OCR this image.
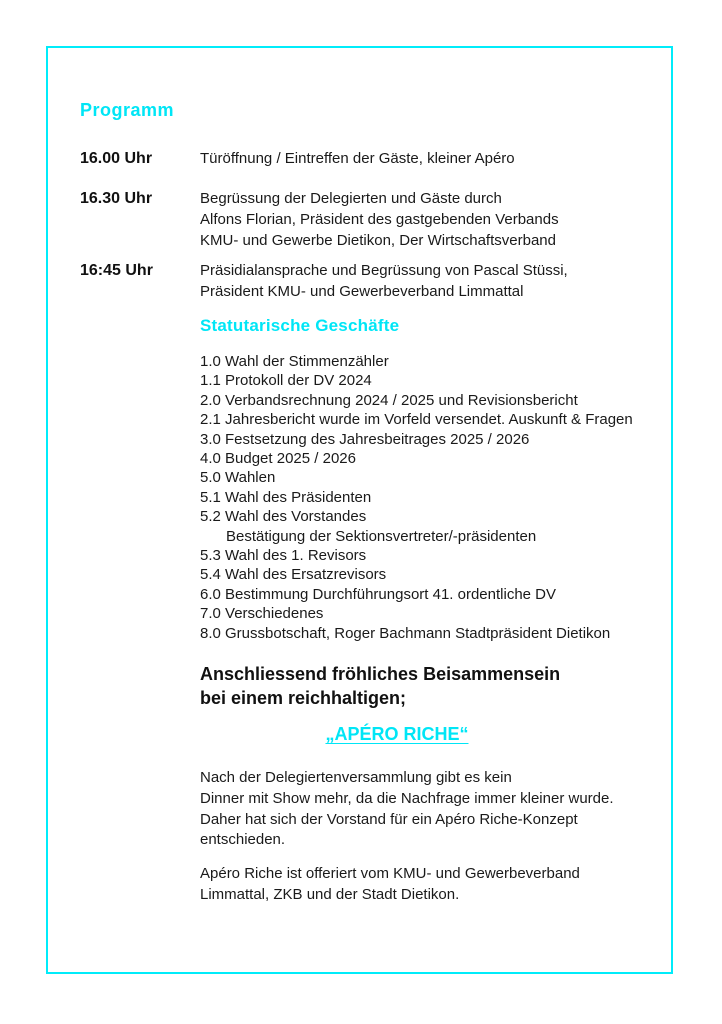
Programm
16.00 Uhr	Türöffnung / Eintreffen der Gäste, kleiner Apéro
16.30 Uhr	Begrüssung der Delegierten und Gäste durch
Alfons Florian, Präsident des gastgebenden Verbands
KMU- und Gewerbe Dietikon, Der Wirtschaftsverband
16:45 Uhr	Präsidialansprache und Begrüssung von Pascal Stüssi,
Präsident KMU- und Gewerbeverband Limmattal
Statutarische Geschäfte
1.0 Wahl der Stimmenzähler
1.1 Protokoll der DV 2024
2.0 Verbandsrechnung 2024 / 2025 und Revisionsbericht
2.1 Jahresbericht wurde im Vorfeld versendet. Auskunft & Fragen
3.0 Festsetzung des Jahresbeitrages 2025 / 2026
4.0 Budget 2025 / 2026
5.0 Wahlen
5.1 Wahl des Präsidenten
5.2 Wahl des Vorstandes
Bestätigung der Sektionsvertreter/-präsidenten
5.3 Wahl des 1. Revisors
5.4 Wahl des Ersatzrevisors
6.0 Bestimmung Durchführungsort 41. ordentliche DV
7.0 Verschiedenes
8.0 Grussbotschaft, Roger Bachmann Stadtpräsident Dietikon
Anschliessend fröhliches Beisammensein
bei einem reichhaltigen;
„APÉRO RICHE“
Nach der Delegiertenversammlung gibt es kein
Dinner mit Show mehr, da die Nachfrage immer kleiner wurde.
Daher hat sich der Vorstand für ein Apéro Riche-Konzept
entschieden.
Apéro Riche ist offeriert vom KMU- und Gewerbeverband
Limmattal, ZKB und der Stadt Dietikon.
